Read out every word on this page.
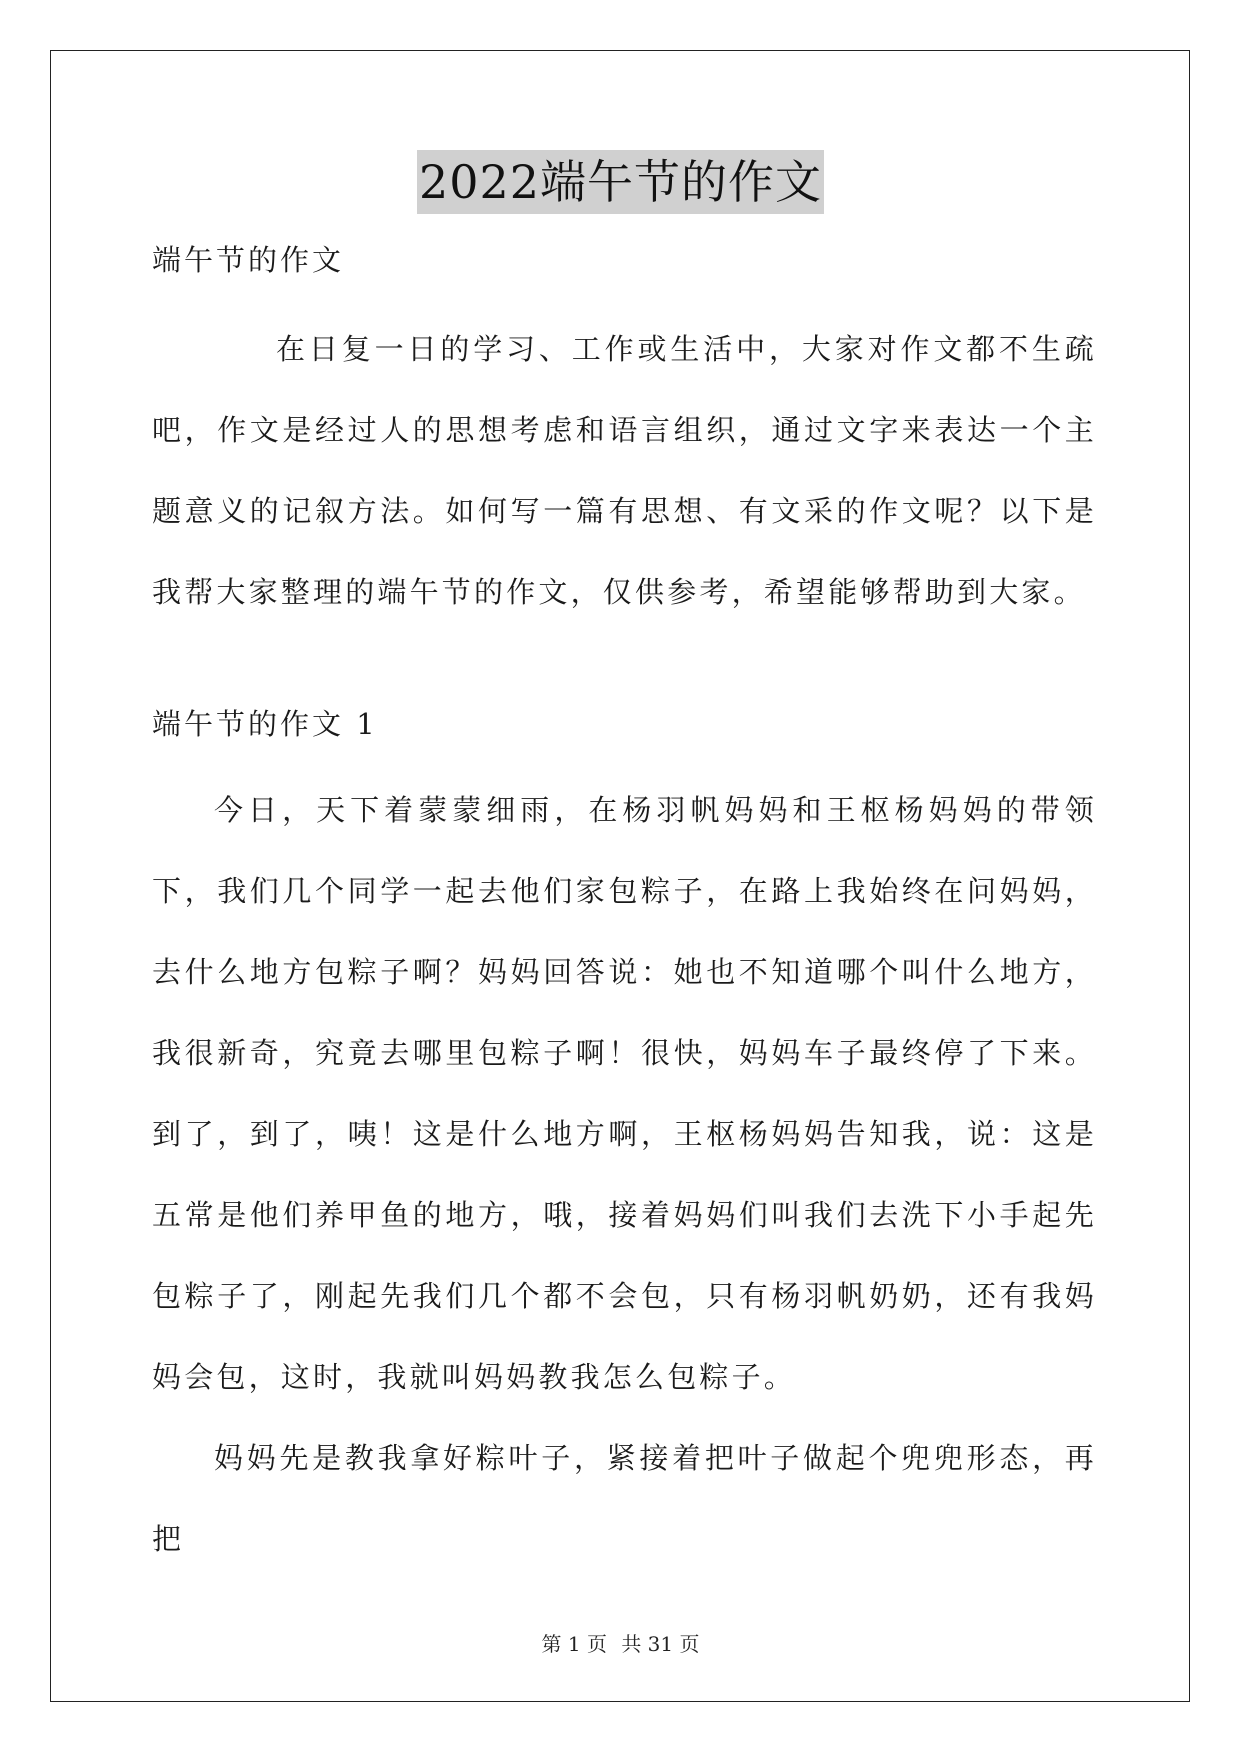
2022端午节的作文

端午节的作文

在日复一日的学习、工作或生活中，大家对作文都不生疏吧，作文是经过人的思想考虑和语言组织，通过文字来表达一个主题意义的记叙方法。如何写一篇有思想、有文采的作文呢？以下是我帮大家整理的端午节的作文，仅供参考，希望能够帮助到大家。

端午节的作文 1

今日，天下着蒙蒙细雨，在杨羽帆妈妈和王枢杨妈妈的带领下，我们几个同学一起去他们家包粽子，在路上我始终在问妈妈，去什么地方包粽子啊？妈妈回答说：她也不知道哪个叫什么地方，我很新奇，究竟去哪里包粽子啊！很快，妈妈车子最终停了下来。到了，到了，咦！这是什么地方啊，王枢杨妈妈告知我，说：这是五常是他们养甲鱼的地方，哦，接着妈妈们叫我们去洗下小手起先包粽子了，刚起先我们几个都不会包，只有杨羽帆奶奶，还有我妈妈会包，这时，我就叫妈妈教我怎么包粽子。

妈妈先是教我拿好粽叶子，紧接着把叶子做起个兜兜形态，再把

第 1 页 共 31 页
